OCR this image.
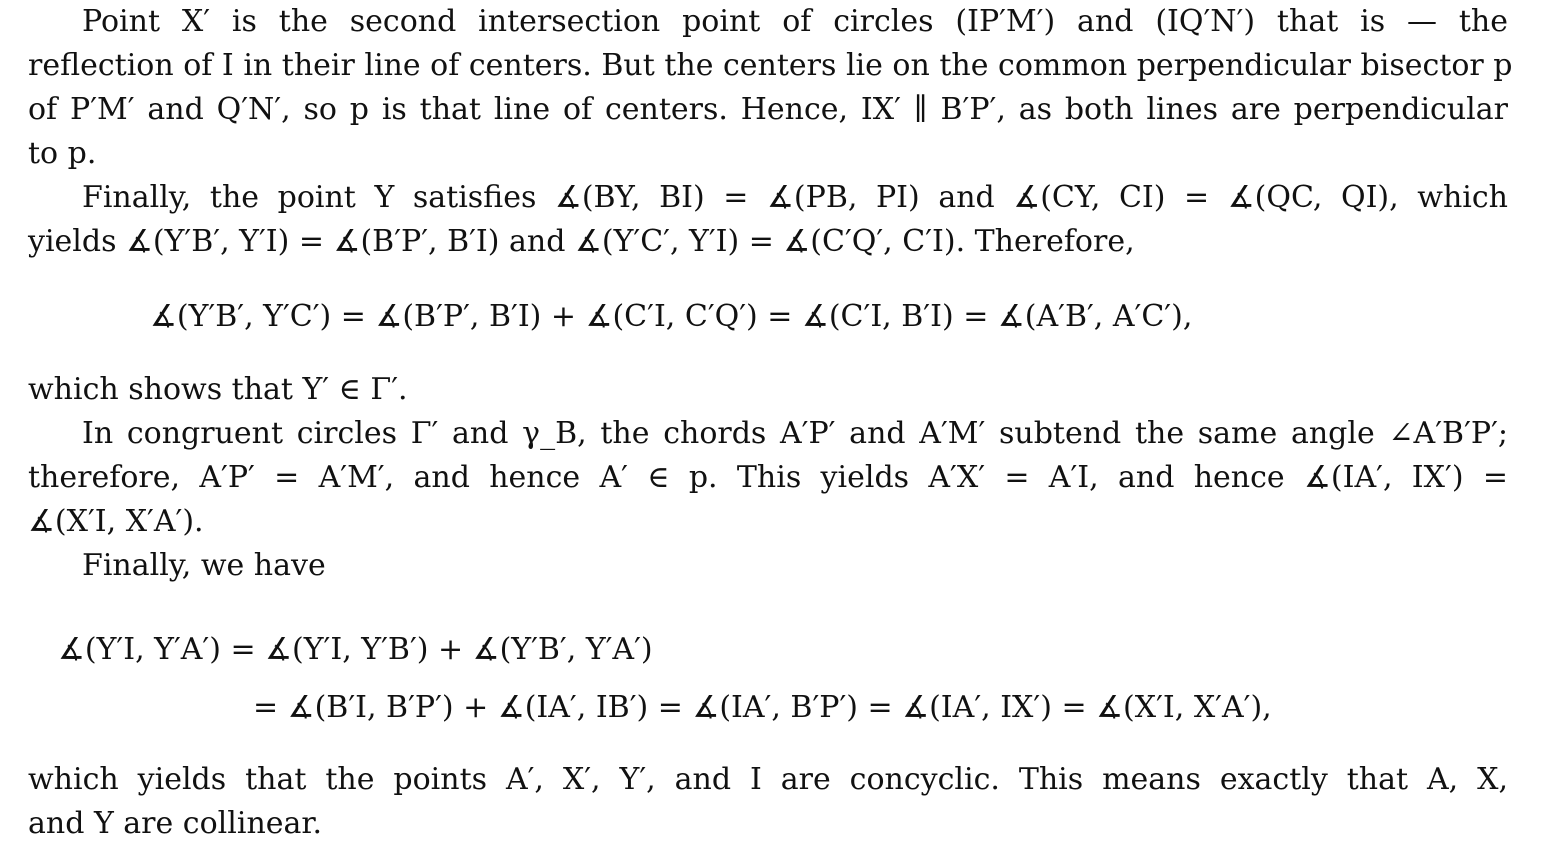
Point X′ is the second intersection point of circles (IP′M′) and (IQ′N′) that is — the
reflection of I in their line of centers. But the centers lie on the common perpendicular bisector p
of P′M′ and Q′N′, so p is that line of centers. Hence, IX′ ∥ B′P′, as both lines are perpendicular
to p.
Finally, the point Y satisfies ∡(BY, BI) = ∡(PB, PI) and ∡(CY, CI) = ∡(QC, QI), which
yields ∡(Y′B′, Y′I) = ∡(B′P′, B′I) and ∡(Y′C′, Y′I) = ∡(C′Q′, C′I). Therefore,
∡(Y′B′, Y′C′) = ∡(B′P′, B′I) + ∡(C′I, C′Q′) = ∡(C′I, B′I) = ∡(A′B′, A′C′),
which shows that Y′ ∈ Γ′.
In congruent circles Γ′ and γ_B, the chords A′P′ and A′M′ subtend the same angle ∠A′B′P′;
therefore, A′P′ = A′M′, and hence A′ ∈ p. This yields A′X′ = A′I, and hence ∡(IA′, IX′) =
∡(X′I, X′A′).
Finally, we have
∡(Y′I, Y′A′) = ∡(Y′I, Y′B′) + ∡(Y′B′, Y′A′)
= ∡(B′I, B′P′) + ∡(IA′, IB′) = ∡(IA′, B′P′) = ∡(IA′, IX′) = ∡(X′I, X′A′),
which yields that the points A′, X′, Y′, and I are concyclic. This means exactly that A, X,
and Y are collinear.
